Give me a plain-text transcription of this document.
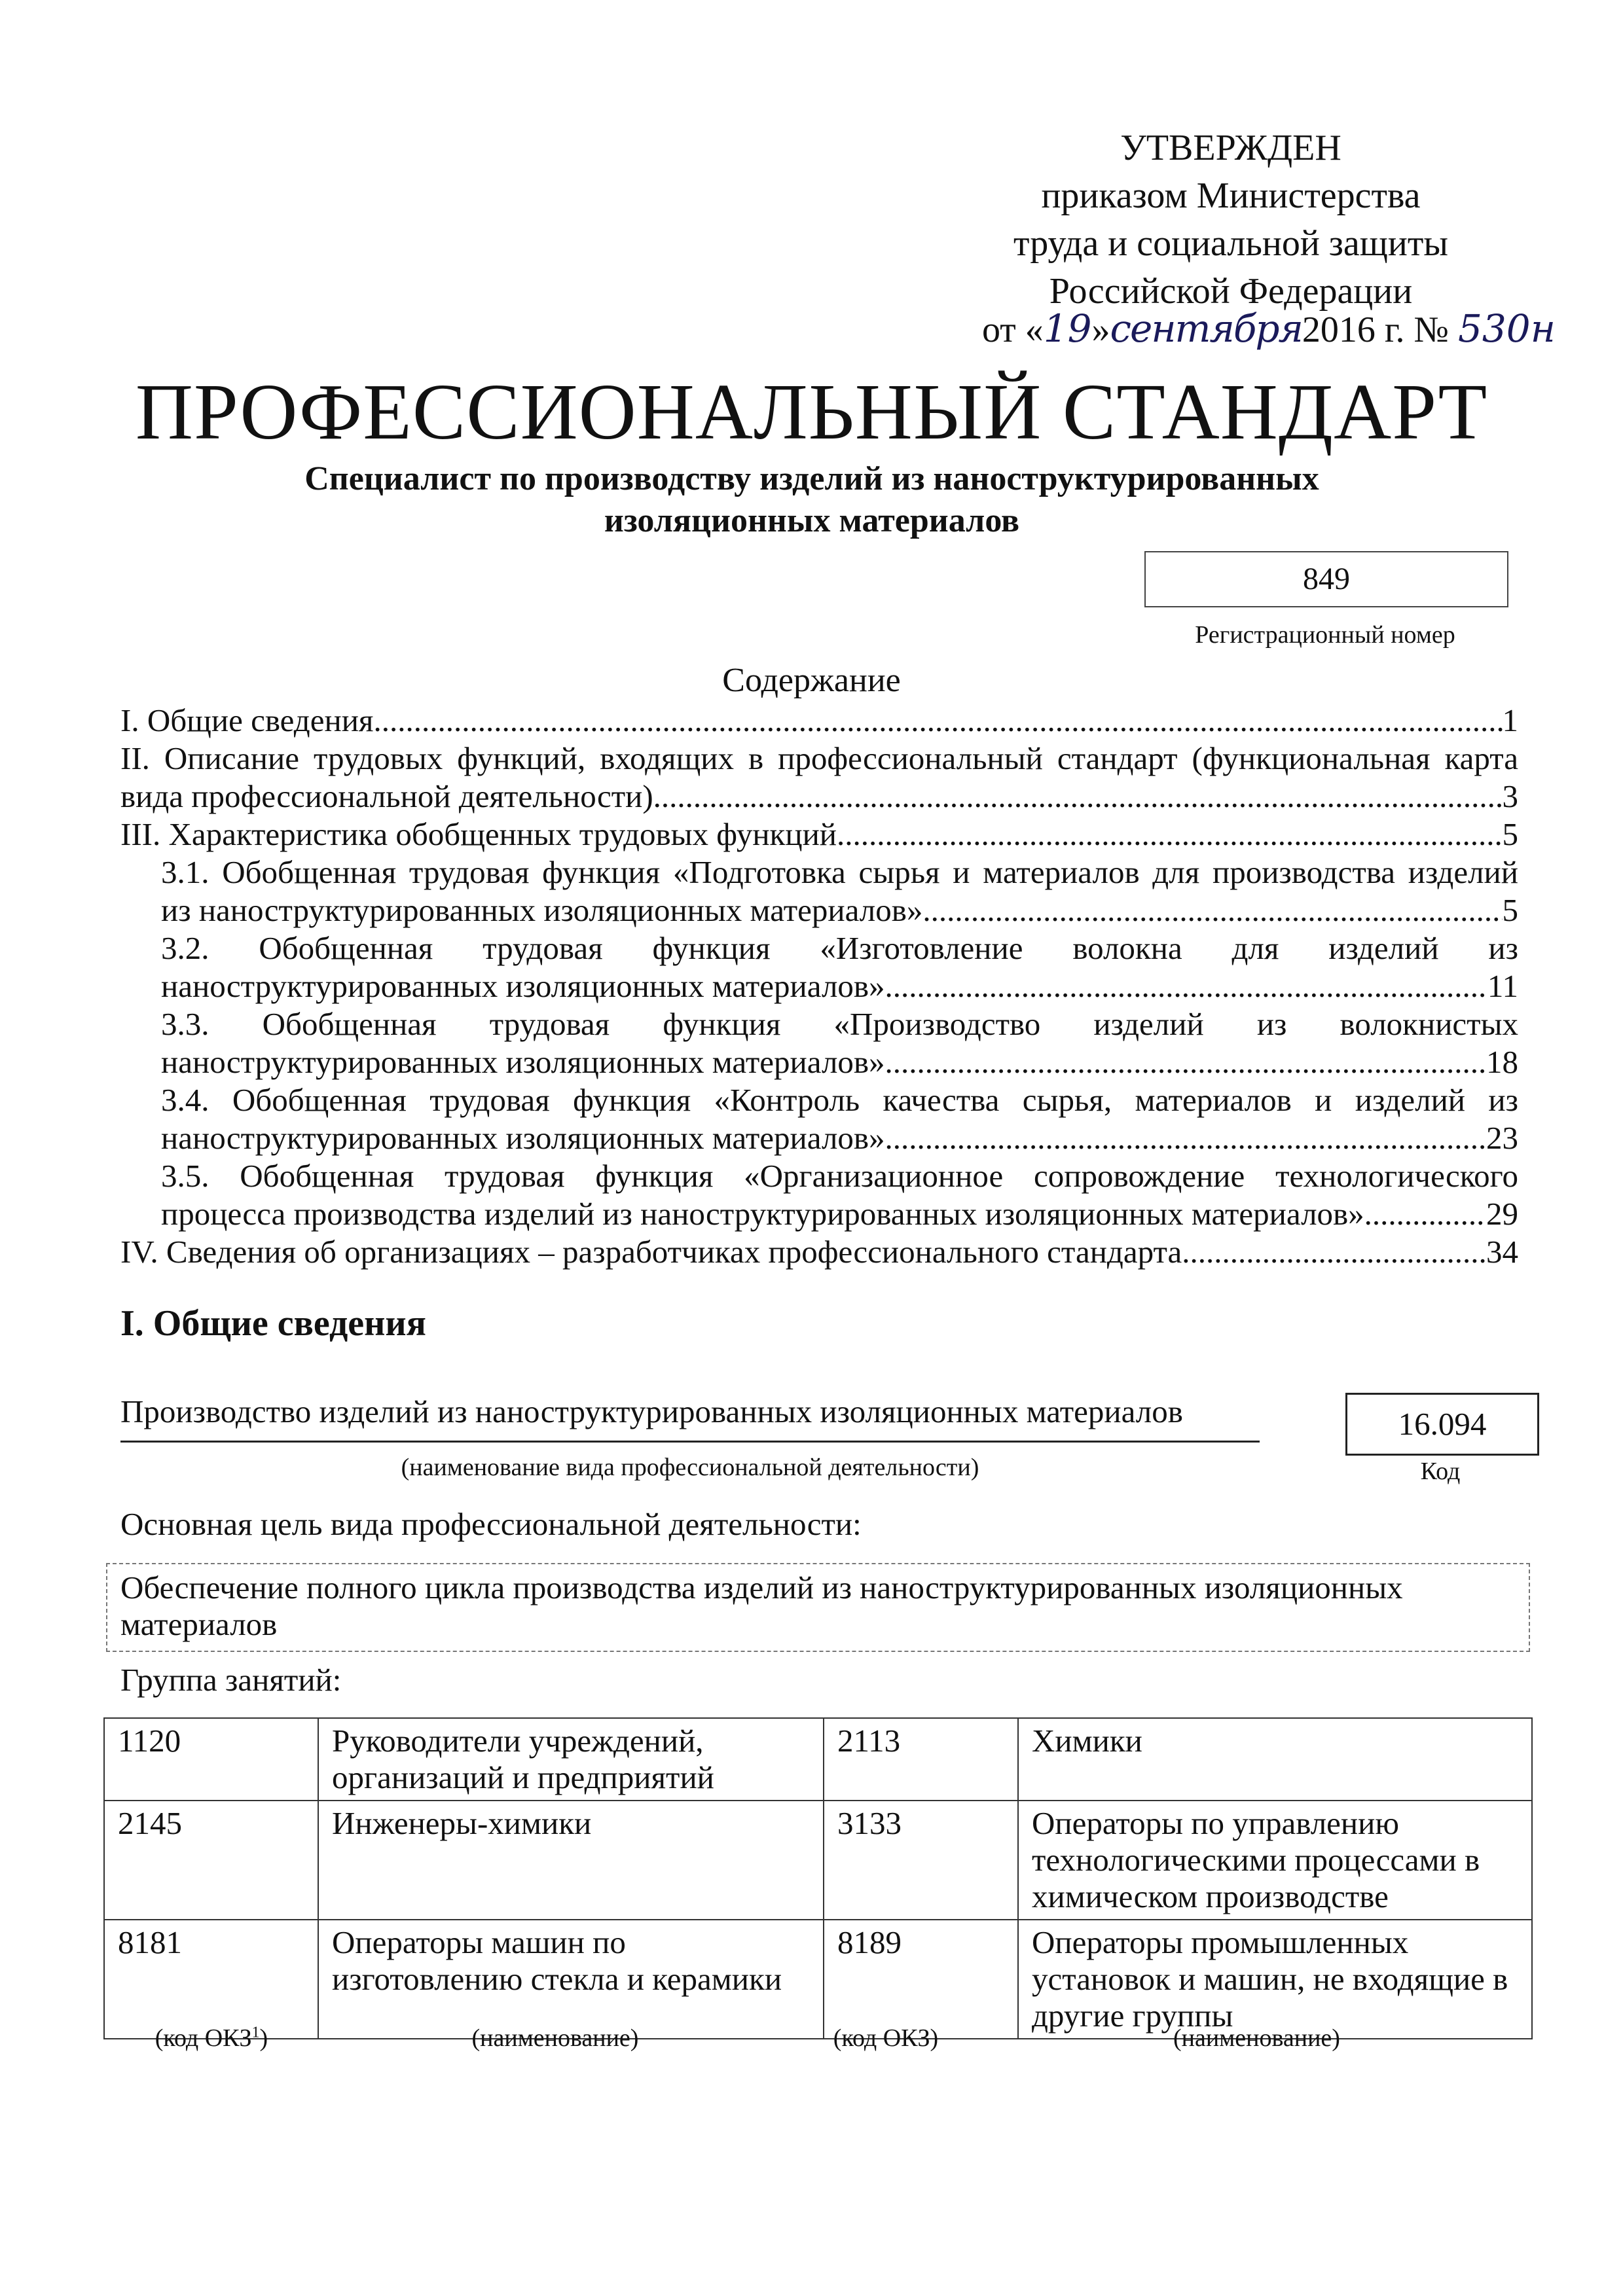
УТВЕРЖДЕН
приказом Министерства
труда и социальной защиты
Российской Федерации
от «19»сентября2016 г. № 530н
ПРОФЕССИОНАЛЬНЫЙ СТАНДАРТ
Специалист по производству изделий из наноструктурированных
изоляционных материалов
849
Регистрационный номер
Содержание
I. Общие сведения .....	1
II. Описание трудовых функций, входящих в профессиональный стандарт (функциональная карта
вида профессиональной деятельности) .....	3
III. Характеристика обобщенных трудовых функций .....	5
3.1. Обобщенная трудовая функция «Подготовка сырья и материалов для производства изделий
из наноструктурированных изоляционных материалов» .....	5
3.2. Обобщенная трудовая функция «Изготовление волокна для изделий из
наноструктурированных изоляционных материалов» .....	11
3.3. Обобщенная трудовая функция «Производство изделий из волокнистых
наноструктурированных изоляционных материалов» .....	18
3.4. Обобщенная трудовая функция «Контроль качества сырья, материалов и изделий из
наноструктурированных изоляционных материалов» .....	23
3.5. Обобщенная трудовая функция «Организационное сопровождение технологического
процесса производства изделий из наноструктурированных изоляционных материалов» .....	29
IV. Сведения об организациях – разработчиках профессионального стандарта .....	34
I. Общие сведения
Производство изделий из наноструктурированных изоляционных материалов
(наименование вида профессиональной деятельности)
16.094
Код
Основная цель вида профессиональной деятельности:
Обеспечение полного цикла производства изделий из наноструктурированных изоляционных
материалов
Группа занятий:
1120	Руководители учреждений, организаций и предприятий	2113	Химики
2145	Инженеры-химики	3133	Операторы по управлению технологическими процессами в химическом производстве
8181	Операторы машин по изготовлению стекла и керамики	8189	Операторы промышленных установок и машин, не входящие в другие группы
(код ОКЗ$^1$)	(наименование)	(код ОКЗ)	(наименование)
